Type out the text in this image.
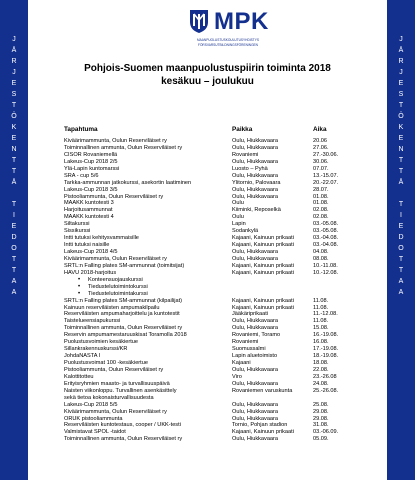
J
Ä
R
J
E
S
T
Ö
K
E
N
T
T
Ä
T
I
E
D
O
T
T
A
A
J
Ä
R
J
E
S
T
Ö
K
E
N
T
T
Ä
T
I
E
D
O
T
T
A
A
MPK
MAANPUOLUSTUSKOULUTUSYHDISTYS
FÖRSVARSUTBILDNINGSFÖRENINGEN
Pohjois-Suomen maanpuolustuspiirin toiminta 2018
kesäkuu – joulukuu
Tapahtuma	Paikka	Aika
Kiväärimammunta, Oulun Reserviläiset ry	Oulu, Hiukkavaara	20.06
Toiminnallinen ammunta, Oulun Reserviläiset ry	Oulu, Hiukkavaara	27.06.
CISOR Rovaniemellä	Rovaniemi	27.-30.06.
Lakeus-Cup 2018 2/5	Oulu, Hiukkavaara	30.06.
Ylä-Lapin kuntomarssi	Luosto – Pyhä	07.07.
SRA - cup 5/6	Oulu, Hiukkavaara	13.-15.07.
Tarkka-ammunnan jatkokurssi, asekortin laatiminen	Ylitornio, Palovaara	20.-22.07.
Lakeus-Cup 2018 3/5	Oulu, Hiukkavaara	28.07.
Pistooliammunta, Oulun Reserviläiset ry	Oulu, Hiukkavaara	01.08.
MAAKK kuntotesti 3	Oulu	01.08.
Harjoitusammunnat	Kiiminki, Reposelkä	02.08.
MAAKK kuntotesti 4	Oulu	02.08.
Siltakurssi	Lapin	03.-05.08.
Sissikurssi	Sodankylä	03.-05.08.
Intti tutuksi kehitysvammaisille	Kajaani, Kainuun prikaati	03.-04.08.
Intti tutuksi naisille	Kajaani, Kainuun prikaati	03.-04.08.
Lakeus-Cup 2018 4/5	Oulu, Hiukkavaara	04.08.
Kiväärimammunta, Oulun Reserviläiset ry	Oulu, Hiukkavaara	08.08.
SRTL:n Falling plates SM-ammunnat (toimitsijat)	Kajaani, Kainuun prikaati	10.-11.08.
HAVU 2018-harjoitus	Kajaani, Kainuun prikaati	10.-12.08.
• Konteensuojauskurssi
• Tiedustelutoimintokurssi
• Tiedustelutoimintakurssi
SRTL:n Falling plates SM-ammunnat (kilpailijat)	Kajaani, Kainuun prikaati	11.08.
Kainuun reserviläisten ampumakilpailu	Kajaani, Kainuun prikaati	11.08.
Reserviläisten ampumaharjoittelu ja kuntotestit	Jääkäriprikaati	11.-12.08.
Taistelueensiapukurssi	Oulu, Hiukkavaara	11.08.
Toiminnallinen ammunta, Oulun Reserviläiset ry	Oulu, Hiukkavaara	15.08.
Reservin ampumamestaruuskisat Toramolla 2018	Rovaniemi, Toramo	16.-19.08.
Puolustusvoimien kesäkiertue	Rovaniemi	16.08.
Sillankrakennuskurssi/KR	Suomussalmi	17.-19.08.
JohdaNASTA I	Lapin aluetoimisto	18.-19.08.
Puolustusvoimat 100 -kesäkiertue	Kajaani	18.08.
Pistooliammunta, Oulun Reserviläiset ry	Oulu, Hiukkavaara	22.08.
Kalottitotteu	Viro	23.-26.08
Erityisryhmien maasto- ja turvallisuuspäivä	Oulu, Hiukkavaara	24.08.
Naisten viikonloppu. Turvallinen asenkäsittely	Rovaniemen varuskunta	25.-26.08.
sekä tietoa kokonaisturvallisuudesta
Lakeus-Cup 2018 5/5	Oulu, Hiukkavaara	25.08.
Kiväärimammunta, Oulun Reserviläiset ry	Oulu, Hiukkavaara	29.08.
ORUK pistooliammunta	Oulu, Hiukkavaara	29.08.
Reserviläisten kuntotestaus, cooper / UKK-testi	Tornio, Pohjan stadion	31.08.
Valmistavat SPOL -taidot	Kajaani, Kainuun prikaati	03.-06.09.
Toiminnallinen ammunta, Oulun Reserviläiset ry	Oulu, Hiukkavaara	05.09.
